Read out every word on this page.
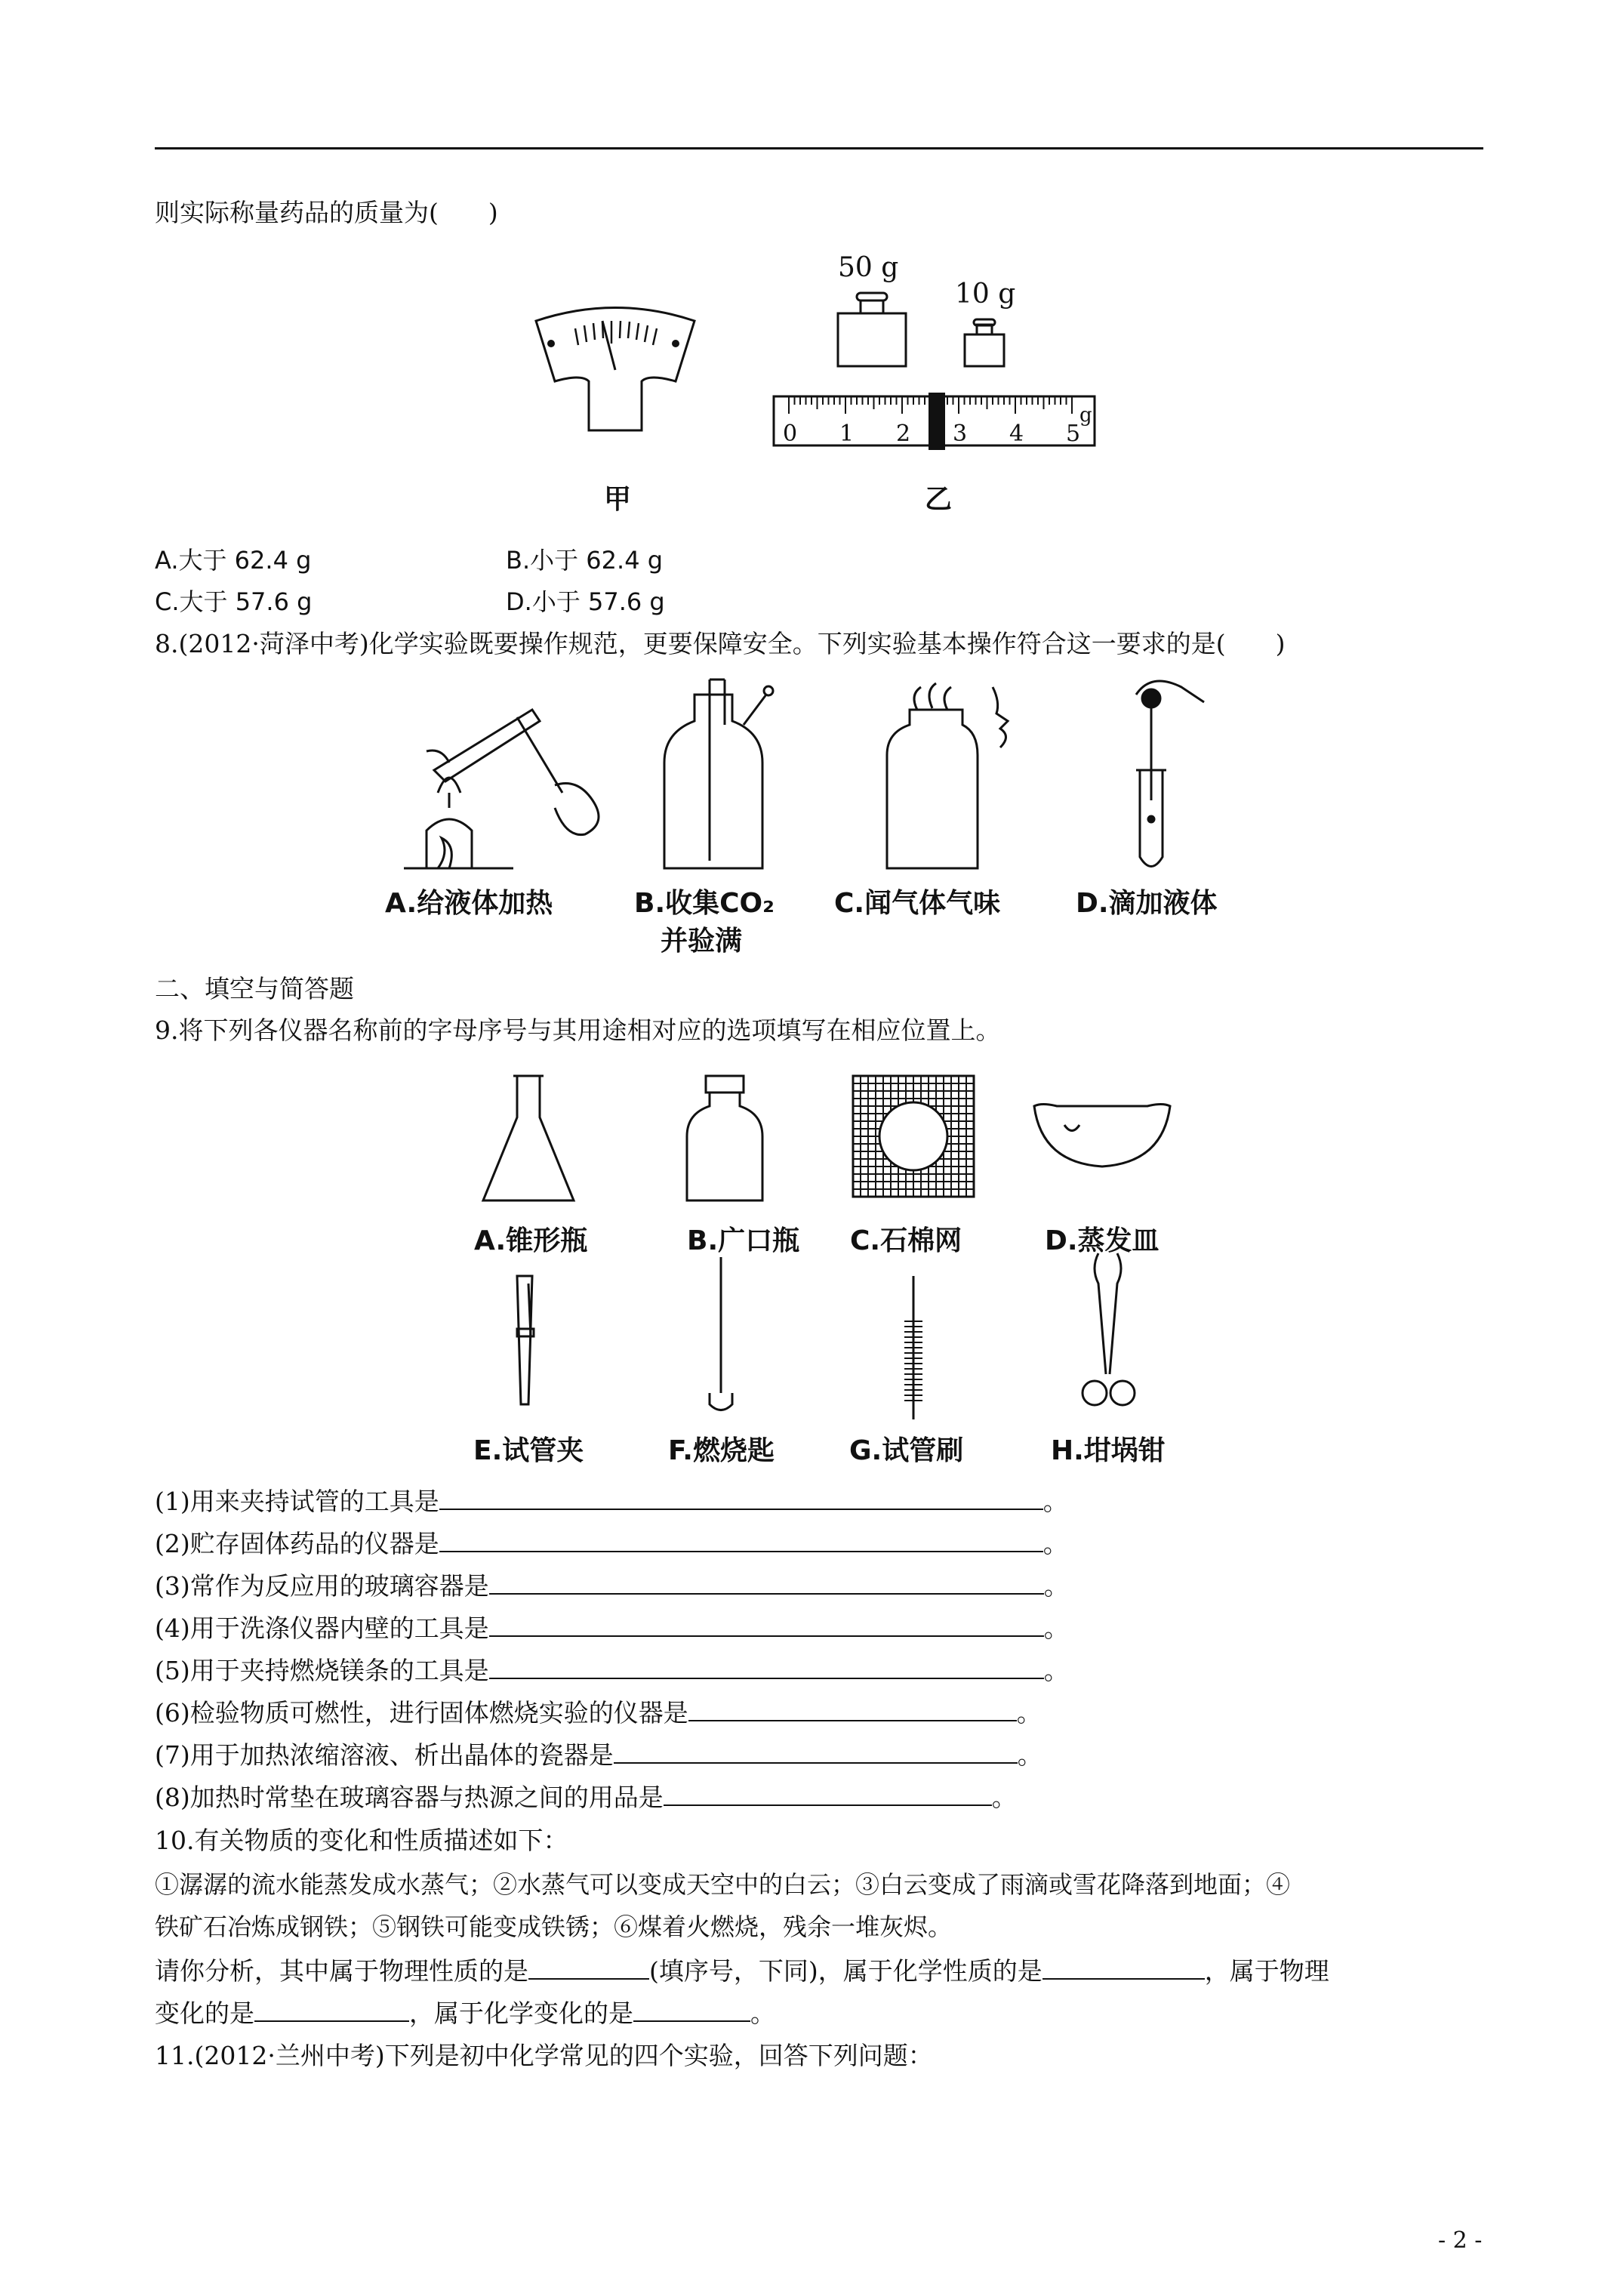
则实际称量药品的质量为(　　)
甲
50 g
10 g
0 1 2 3 4 5
g
乙
A.大于 62.4 g	B.小于 62.4 g
C.大于 57.6 g	D.小于 57.6 g
8.(2012·菏泽中考)化学实验既要操作规范，更要保障安全。下列实验基本操作符合这一要求的是(　　)
A.给液体加热	B.收集CO₂
并验满
C.闻气体气味	D.滴加液体
二、填空与简答题
9.将下列各仪器名称前的字母序号与其用途相对应的选项填写在相应位置上。
A.锥形瓶	B.广口瓶 C.石棉网	D.蒸发皿
E.试管夹	F.燃烧匙	G.试管刷	H.坩埚钳
(1)用来夹持试管的工具是	。
(2)贮存固体药品的仪器是	。
(3)常作为反应用的玻璃容器是	。
(4)用于洗涤仪器内壁的工具是	。
(5)用于夹持燃烧镁条的工具是	。
(6)检验物质可燃性，进行固体燃烧实验的仪器是	。
(7)用于加热浓缩溶液、析出晶体的瓷器是	。
(8)加热时常垫在玻璃容器与热源之间的用品是	。
10.有关物质的变化和性质描述如下：
①潺潺的流水能蒸发成水蒸气；②水蒸气可以变成天空中的白云；③白云变成了雨滴或雪花降落到地面；④
铁矿石冶炼成钢铁；⑤钢铁可能变成铁锈；⑥煤着火燃烧，残余一堆灰烬。
请你分析，其中属于物理性质的是	(填序号，下同)，属于化学性质的是	，属于物理
变化的是	，属于化学变化的是	。
11.(2012·兰州中考)下列是初中化学常见的四个实验，回答下列问题：
- 2 -
